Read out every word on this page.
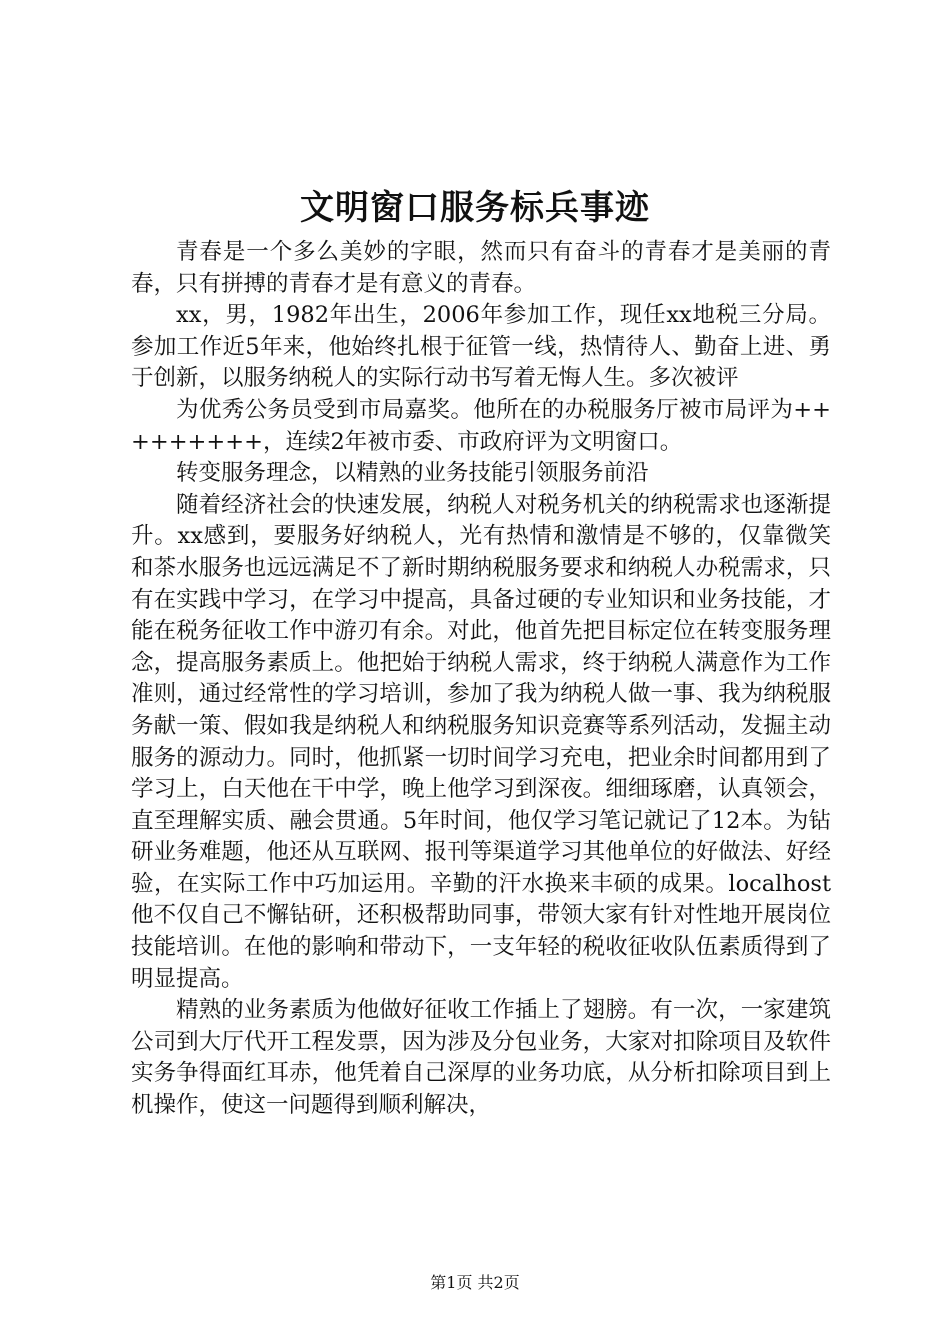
文明窗口服务标兵事迹

青春是一个多么美妙的字眼，然而只有奋斗的青春才是美丽的青春，只有拼搏的青春才是有意义的青春。

xx，男，1982年出生，2006年参加工作，现任xx地税三分局。参加工作近5年来，他始终扎根于征管一线，热情待人、勤奋上进、勇于创新，以服务纳税人的实际行动书写着无悔人生。多次被评

为优秀公务员受到市局嘉奖。他所在的办税服务厅被市局评为+++++++++，连续2年被市委、市政府评为文明窗口。

转变服务理念，以精熟的业务技能引领服务前沿

随着经济社会的快速发展，纳税人对税务机关的纳税需求也逐渐提升。xx感到，要服务好纳税人，光有热情和激情是不够的，仅靠微笑和茶水服务也远远满足不了新时期纳税服务要求和纳税人办税需求，只有在实践中学习，在学习中提高，具备过硬的专业知识和业务技能，才能在税务征收工作中游刃有余。对此，他首先把目标定位在转变服务理念，提高服务素质上。他把始于纳税人需求，终于纳税人满意作为工作准则，通过经常性的学习培训，参加了我为纳税人做一事、我为纳税服务献一策、假如我是纳税人和纳税服务知识竞赛等系列活动，发掘主动服务的源动力。同时，他抓紧一切时间学习充电，把业余时间都用到了学习上，白天他在干中学，晚上他学习到深夜。细细琢磨，认真领会，直至理解实质、融会贯通。5年时间，他仅学习笔记就记了12本。为钻研业务难题，他还从互联网、报刊等渠道学习其他单位的好做法、好经验，在实际工作中巧加运用。辛勤的汗水换来丰硕的成果。localhost他不仅自己不懈钻研，还积极帮助同事，带领大家有针对性地开展岗位技能培训。在他的影响和带动下，一支年轻的税收征收队伍素质得到了明显提高。

精熟的业务素质为他做好征收工作插上了翅膀。有一次，一家建筑公司到大厅代开工程发票，因为涉及分包业务，大家对扣除项目及软件实务争得面红耳赤，他凭着自己深厚的业务功底，从分析扣除项目到上机操作，使这一问题得到顺利解决，

第1页 共2页
